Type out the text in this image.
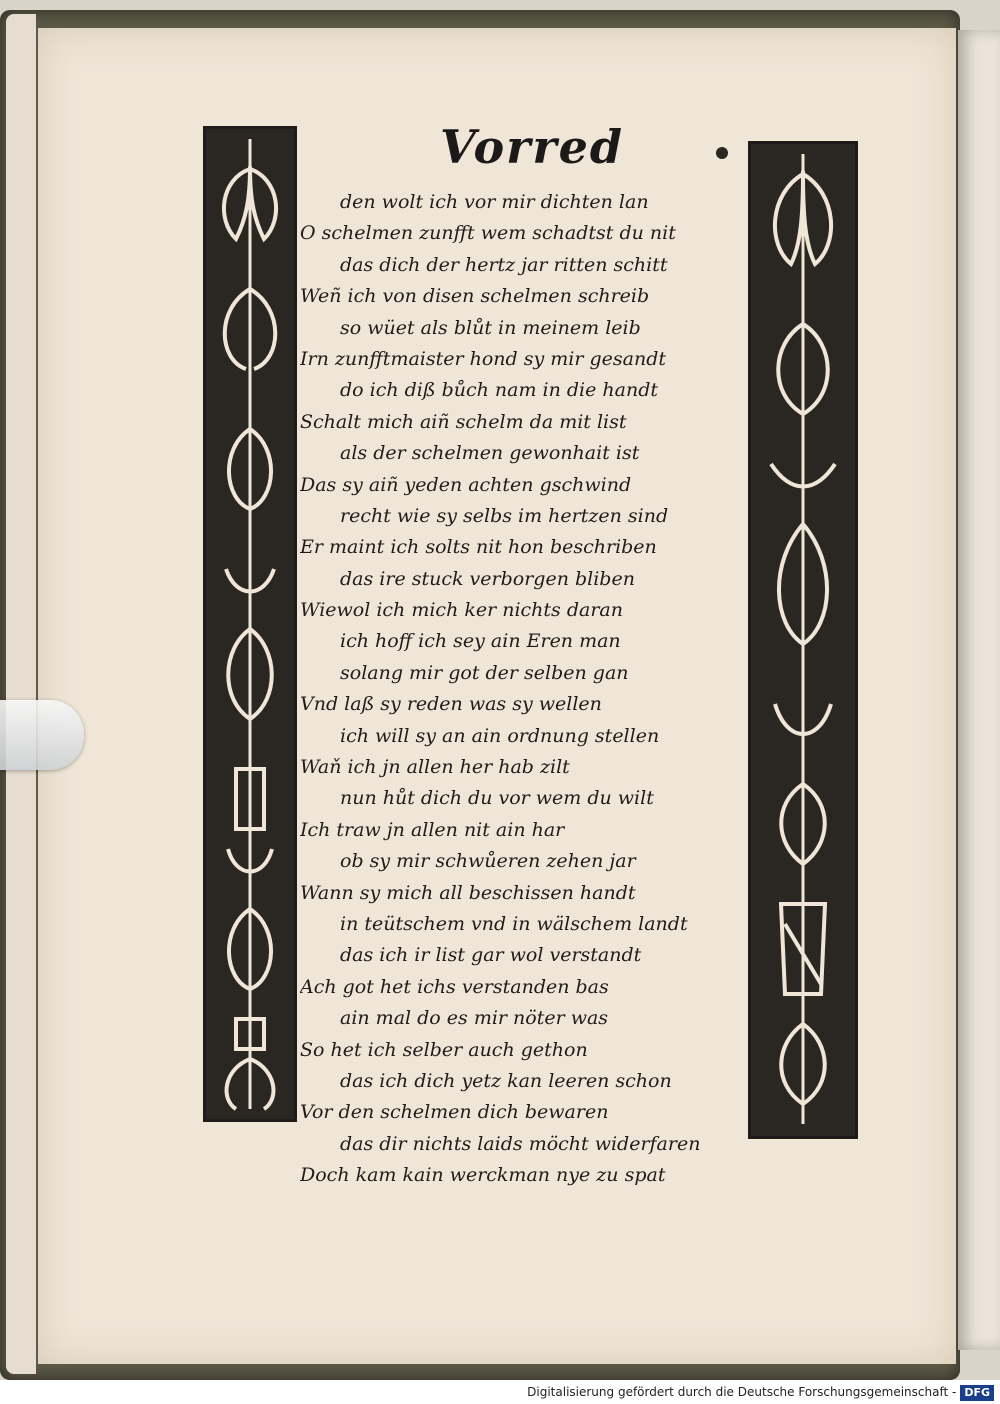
Vorred
den wolt ich vor mir dichten lan
O schelmen zunfft wem schadtst du nit
das dich der hertz jar ritten schitt
Weñ ich von disen schelmen schreib
so wüet als blůt in meinem leib
Irn zunfftmaister hond sy mir gesandt
do ich diß bůch nam in die handt
Schalt mich aiñ schelm da mit list
als der schelmen gewonhait ist
Das sy aiñ yeden achten gschwind
recht wie sy selbs im hertzen sind
Er maint ich solts nit hon beschriben
das ire stuck verborgen bliben
Wiewol ich mich ker nichts daran
ich hoff ich sey ain Eren man
solang mir got der selben gan
Vnd laß sy reden was sy wellen
ich will sy an ain ordnung stellen
Waň ich jn allen her hab zilt
nun hůt dich du vor wem du wilt
Ich traw jn allen nit ain har
ob sy mir schwůeren zehen jar
Wann sy mich all beschissen handt
in teütschem vnd in wälschem landt
das ich ir list gar wol verstandt
Ach got het ichs verstanden bas
ain mal do es mir nöter was
So het ich selber auch gethon
das ich dich yetz kan leeren schon
Vor den schelmen dich bewaren
das dir nichts laids möcht widerfaren
Doch kam kain werckman nye zu spat
Digitalisierung gefördert durch die Deutsche Forschungsgemeinschaft - DFG
